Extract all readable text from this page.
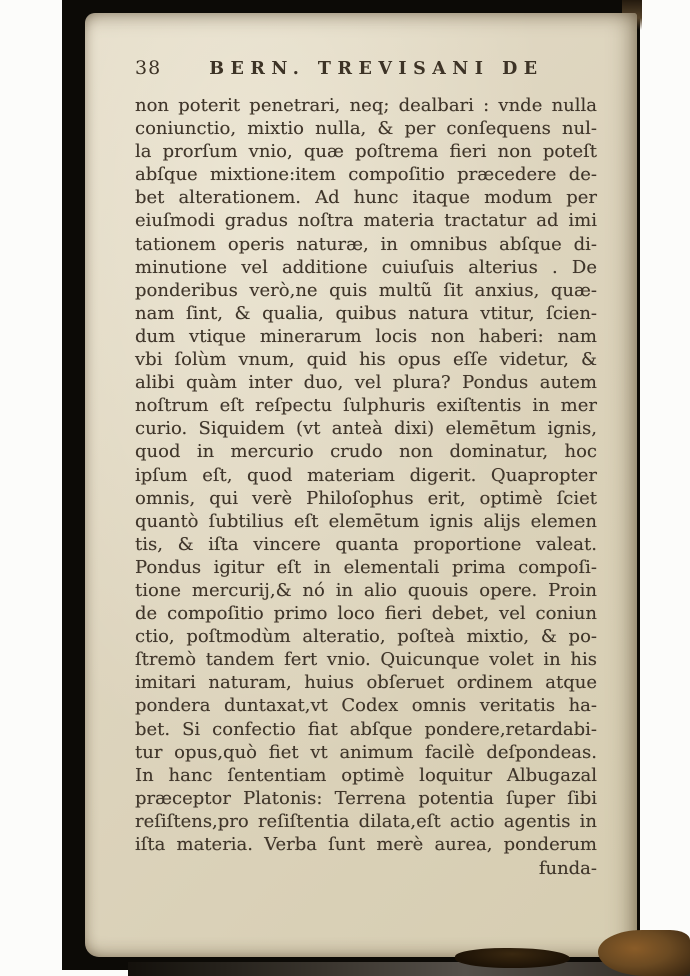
38	BERN. TREVISANI DE
non poterit penetrari, neq; dealbari : vnde nulla
coniunctio, mixtio nulla, & per conſequens nul-
la prorſum vnio, quæ poſtrema fieri non poteſt
abſque mixtione:item compoſitio præcedere de-
bet alterationem. Ad hunc itaque modum per
eiuſmodi gradus noſtra materia tractatur ad imi
tationem operis naturæ, in omnibus abſque di-
minutione vel additione cuiuſuis alterius . De
ponderibus verò,ne quis multũ ſit anxius, quæ-
nam ſint, & qualia, quibus natura vtitur, ſcien-
dum vtique minerarum locis non haberi: nam
vbi ſolùm vnum, quid his opus eſſe videtur, &
alibi quàm inter duo, vel plura? Pondus autem
noſtrum eſt reſpectu ſulphuris exiſtentis in mer
curio. Siquidem (vt anteà dixi) elemētum ignis,
quod in mercurio crudo non dominatur, hoc
ipſum eſt, quod materiam digerit. Quapropter
omnis, qui verè Philoſophus erit, optimè ſciet
quantò ſubtilius eſt elemētum ignis alijs elemen
tis, & iſta vincere quanta proportione valeat.
Pondus igitur eſt in elementali prima compoſi-
tione mercurij,& nó in alio quouis opere. Proin
de compoſitio primo loco fieri debet, vel coniun
ctio, poſtmodùm alteratio, poſteà mixtio, & po-
ſtremò tandem fert vnio. Quicunque volet in his
imitari naturam, huius obſeruet ordinem atque
pondera duntaxat,vt Codex omnis veritatis ha-
bet. Si confectio fiat abſque pondere,retardabi-
tur opus,quò fiet vt animum facilè deſpondeas.
In hanc ſententiam optimè loquitur Albugazal
præceptor Platonis: Terrena potentia ſuper ſibi
reſiſtens,pro reſiſtentia dilata,eſt actio agentis in
iſta materia. Verba ſunt merè aurea, ponderum
funda-
